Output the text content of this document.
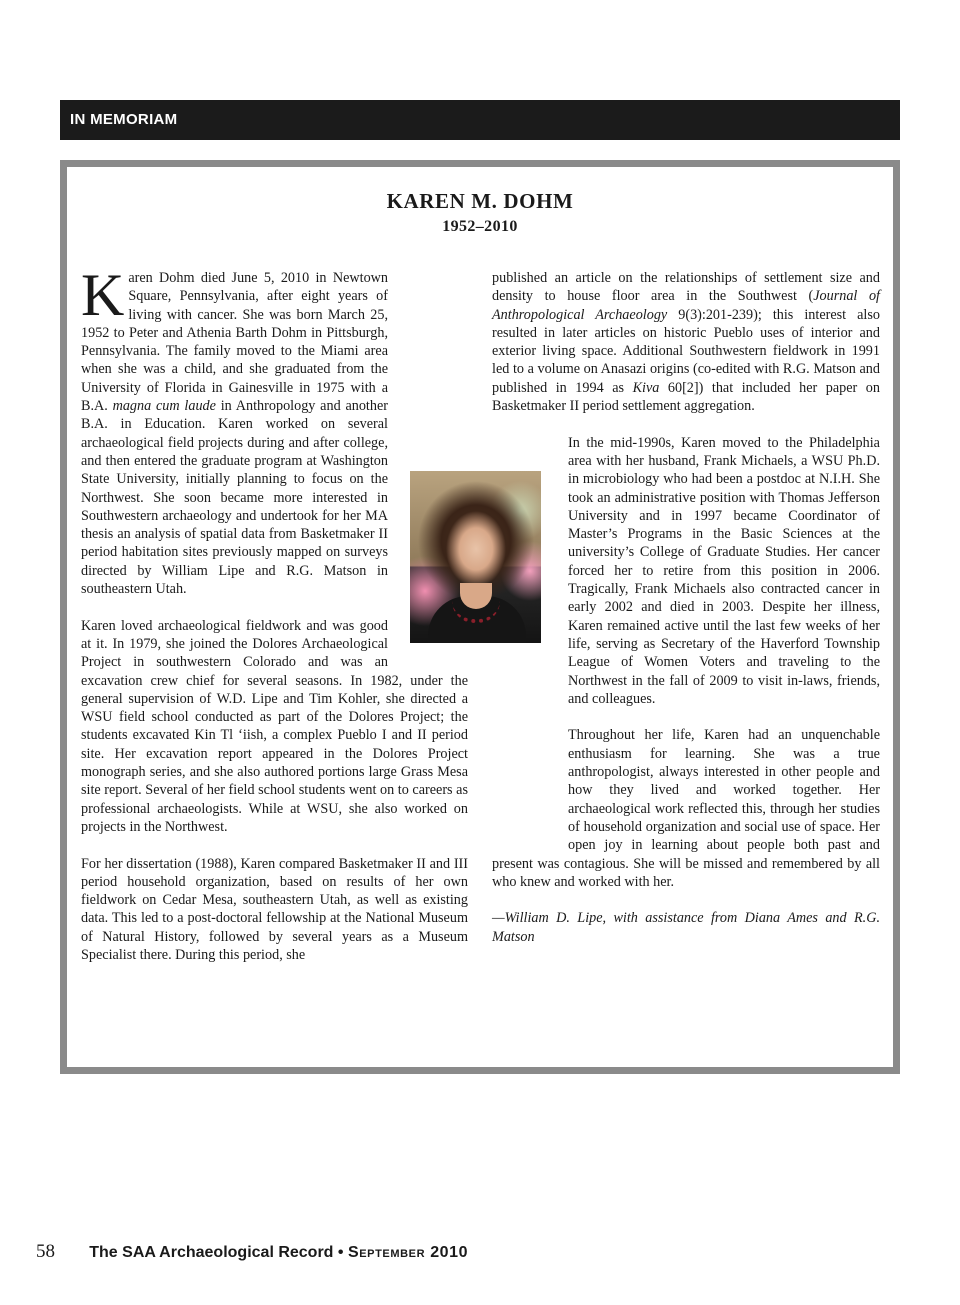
IN MEMORIAM
KAREN M. DOHM
1952–2010

Karen Dohm died June 5, 2010 in Newtown Square, Pennsylvania, after eight years of living with cancer. She was born March 25, 1952 to Peter and Athenia Barth Dohm in Pittsburgh, Pennsylvania. The family moved to the Miami area when she was a child, and she graduated from the University of Florida in Gainesville in 1975 with a B.A. magna cum laude in Anthropology and another B.A. in Education. Karen worked on several archaeological field projects during and after college, and then entered the graduate program at Washington State University, initially planning to focus on the Northwest. She soon became more interested in Southwestern archaeology and undertook for her MA thesis an analysis of spatial data from Basketmaker II period habitation sites previously mapped on surveys directed by William Lipe and R.G. Matson in southeastern Utah.

Karen loved archaeological fieldwork and was good at it. In 1979, she joined the Dolores Archaeological Project in southwestern Colorado and was an excavation crew chief for several seasons. In 1982, under the general supervision of W.D. Lipe and Tim Kohler, she directed a WSU field school conducted as part of the Dolores Project; the students excavated Kin Tl ‘iish, a complex Pueblo I and II period site. Her excavation report appeared in the Dolores Project monograph series, and she also authored portions large Grass Mesa site report. Several of her field school students went on to careers as professional archaeologists. While at WSU, she also worked on projects in the Northwest.

For her dissertation (1988), Karen compared Basketmaker II and III period household organization, based on results of her own fieldwork on Cedar Mesa, southeastern Utah, as well as existing data. This led to a post-doctoral fellowship at the National Museum of Natural History, followed by several years as a Museum Specialist there. During this period, she

published an article on the relationships of settlement size and density to house floor area in the Southwest (Journal of Anthropological Archaeology 9(3):201-239); this interest also resulted in later articles on historic Pueblo uses of interior and exterior living space. Additional Southwestern fieldwork in 1991 led to a volume on Anasazi origins (co-edited with R.G. Matson and published in 1994 as Kiva 60[2]) that included her paper on Basketmaker II period settlement aggregation.

In the mid-1990s, Karen moved to the Philadelphia area with her husband, Frank Michaels, a WSU Ph.D. in microbiology who had been a postdoc at N.I.H. She took an administrative position with Thomas Jefferson University and in 1997 became Coordinator of Master’s Programs in the Basic Sciences at the university’s College of Graduate Studies. Her cancer forced her to retire from this position in 2006. Tragically, Frank Michaels also contracted cancer in early 2002 and died in 2003. Despite her illness, Karen remained active until the last few weeks of her life, serving as Secretary of the Haverford Township League of Women Voters and traveling to the Northwest in the fall of 2009 to visit in-laws, friends, and colleagues.

Throughout her life, Karen had an unquenchable enthusiasm for learning. She was a true anthropologist, always interested in other people and how they lived and worked together. Her archaeological work reflected this, through her studies of household organization and social use of space. Her open joy in learning about people both past and present was contagious. She will be missed and remembered by all who knew and worked with her.

—William D. Lipe, with assistance from Diana Ames and R.G. Matson

58 The SAA Archaeological Record • September 2010
